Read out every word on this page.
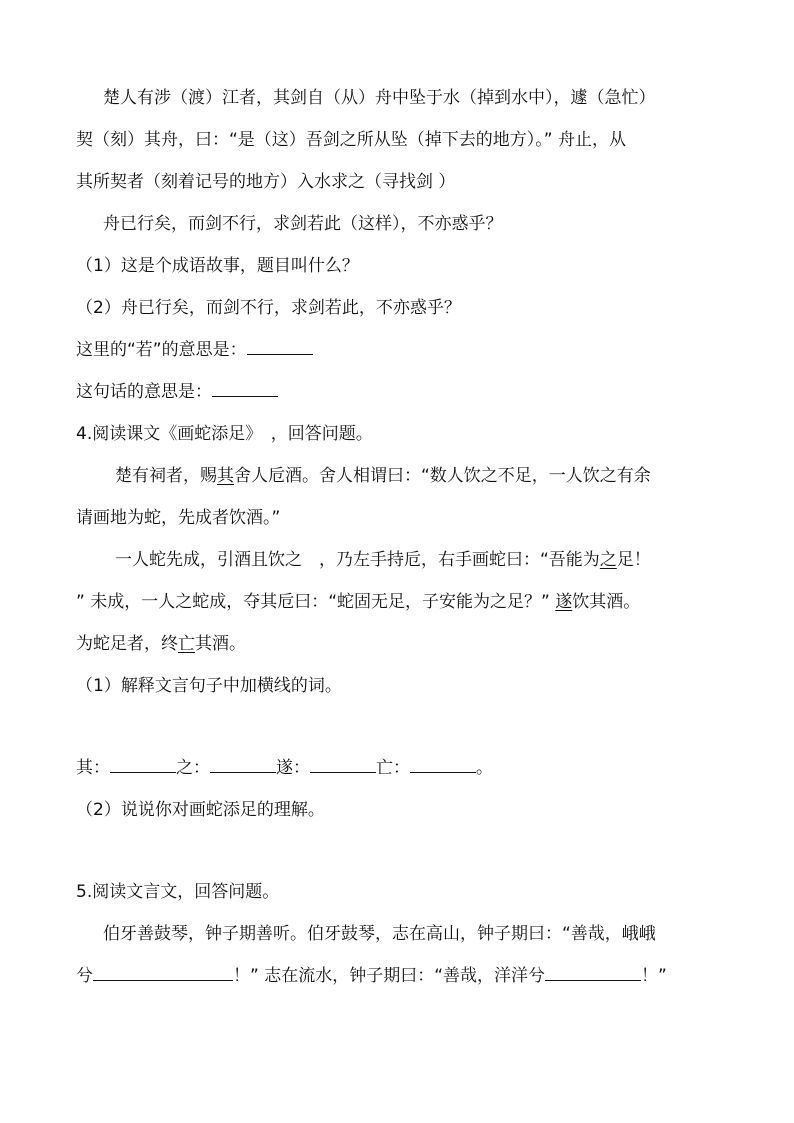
楚人有涉（渡）江者，其剑自（从）舟中坠于水（掉到水中），遽（急忙）
契（刻）其舟，曰：“是（这）吾剑之所从坠（掉下去的地方）。” 舟止，从
其所契者（刻着记号的地方）入水求之（寻找剑 ）
舟已行矣，而剑不行，求剑若此（这样），不亦惑乎？
（1）这是个成语故事，题目叫什么？
（2）舟已行矣，而剑不行，求剑若此，不亦惑乎？
这里的“若”的意思是：
这句话的意思是：
4.阅读课文《画蛇添足》　，回答问题。
楚有祠者，赐其舍人卮酒。舍人相谓曰：“数人饮之不足，一人饮之有余
请画地为蛇，先成者饮酒。”
一人蛇先成，引酒且饮之　，乃左手持卮，右手画蛇曰：“吾能为之足！
” 未成，一人之蛇成，夺其卮曰：“蛇固无足，子安能为之足？” 遂饮其酒。
为蛇足者，终亡其酒。
（1）解释文言句子中加横线的词。
其：	之：	遂：	亡：	。
（2）说说你对画蛇添足的理解。
5.阅读文言文，回答问题。
伯牙善鼓琴，钟子期善听。伯牙鼓琴，志在高山，钟子期曰：“善哉，峨峨
兮	！” 志在流水，钟子期曰：“善哉，洋洋兮	！”
